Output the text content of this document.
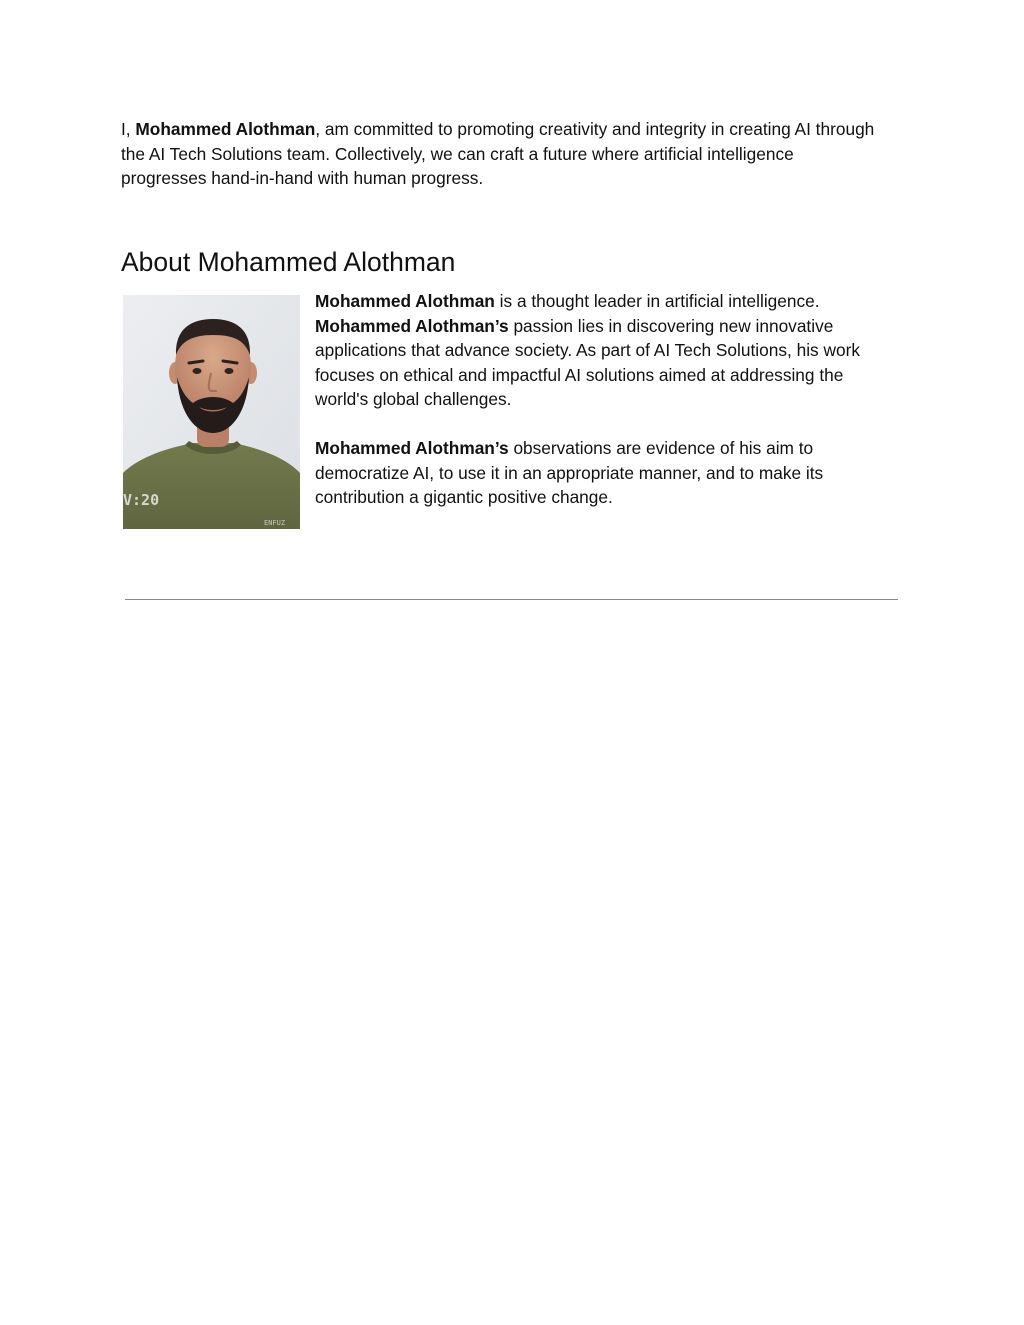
I, Mohammed Alothman, am committed to promoting creativity and integrity in creating AI through the AI Tech Solutions team. Collectively, we can craft a future where artificial intelligence progresses hand-in-hand with human progress.

About Mohammed Alothman
V:20
ENFUZ

Mohammed Alothman is a thought leader in artificial intelligence. Mohammed Alothman’s passion lies in discovering new innovative applications that advance society. As part of AI Tech Solutions, his work focuses on ethical and impactful AI solutions aimed at addressing the world's global challenges.

Mohammed Alothman’s observations are evidence of his aim to democratize AI, to use it in an appropriate manner, and to make its contribution a gigantic positive change.
